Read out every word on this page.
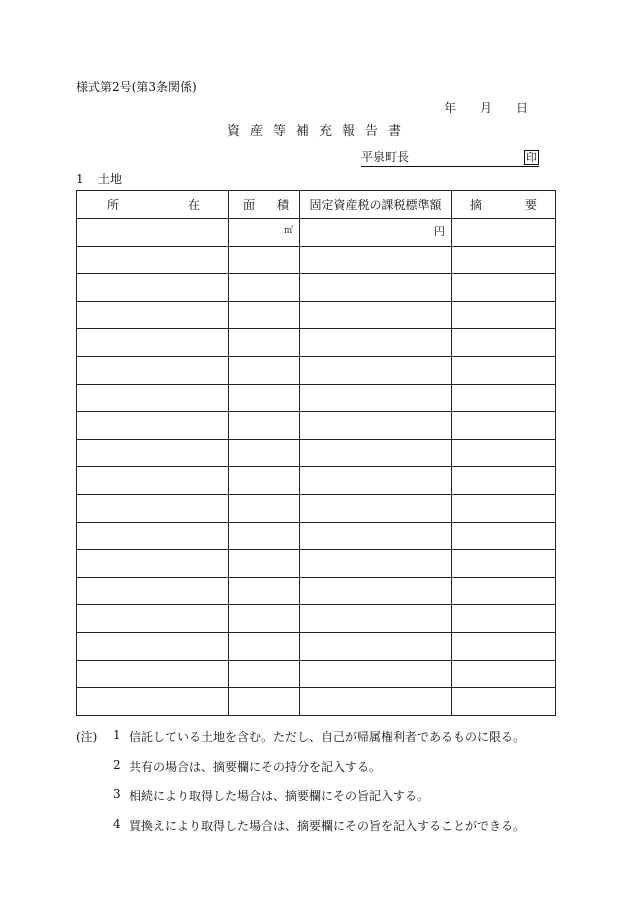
様式第2号(第3条関係)
年 月 日
資産等補充報告書
平泉町長	印
1 土地
所 在	面 積	固定資産税の課税標準額	摘 要

	$_㎡$	円	

(注) 1 信託している土地を含む。ただし、自己が帰属権利者であるものに限る。
2 共有の場合は、摘要欄にその持分を記入する。
3 相続により取得した場合は、摘要欄にその旨記入する。
4 買換えにより取得した場合は、摘要欄にその旨を記入することができる。
